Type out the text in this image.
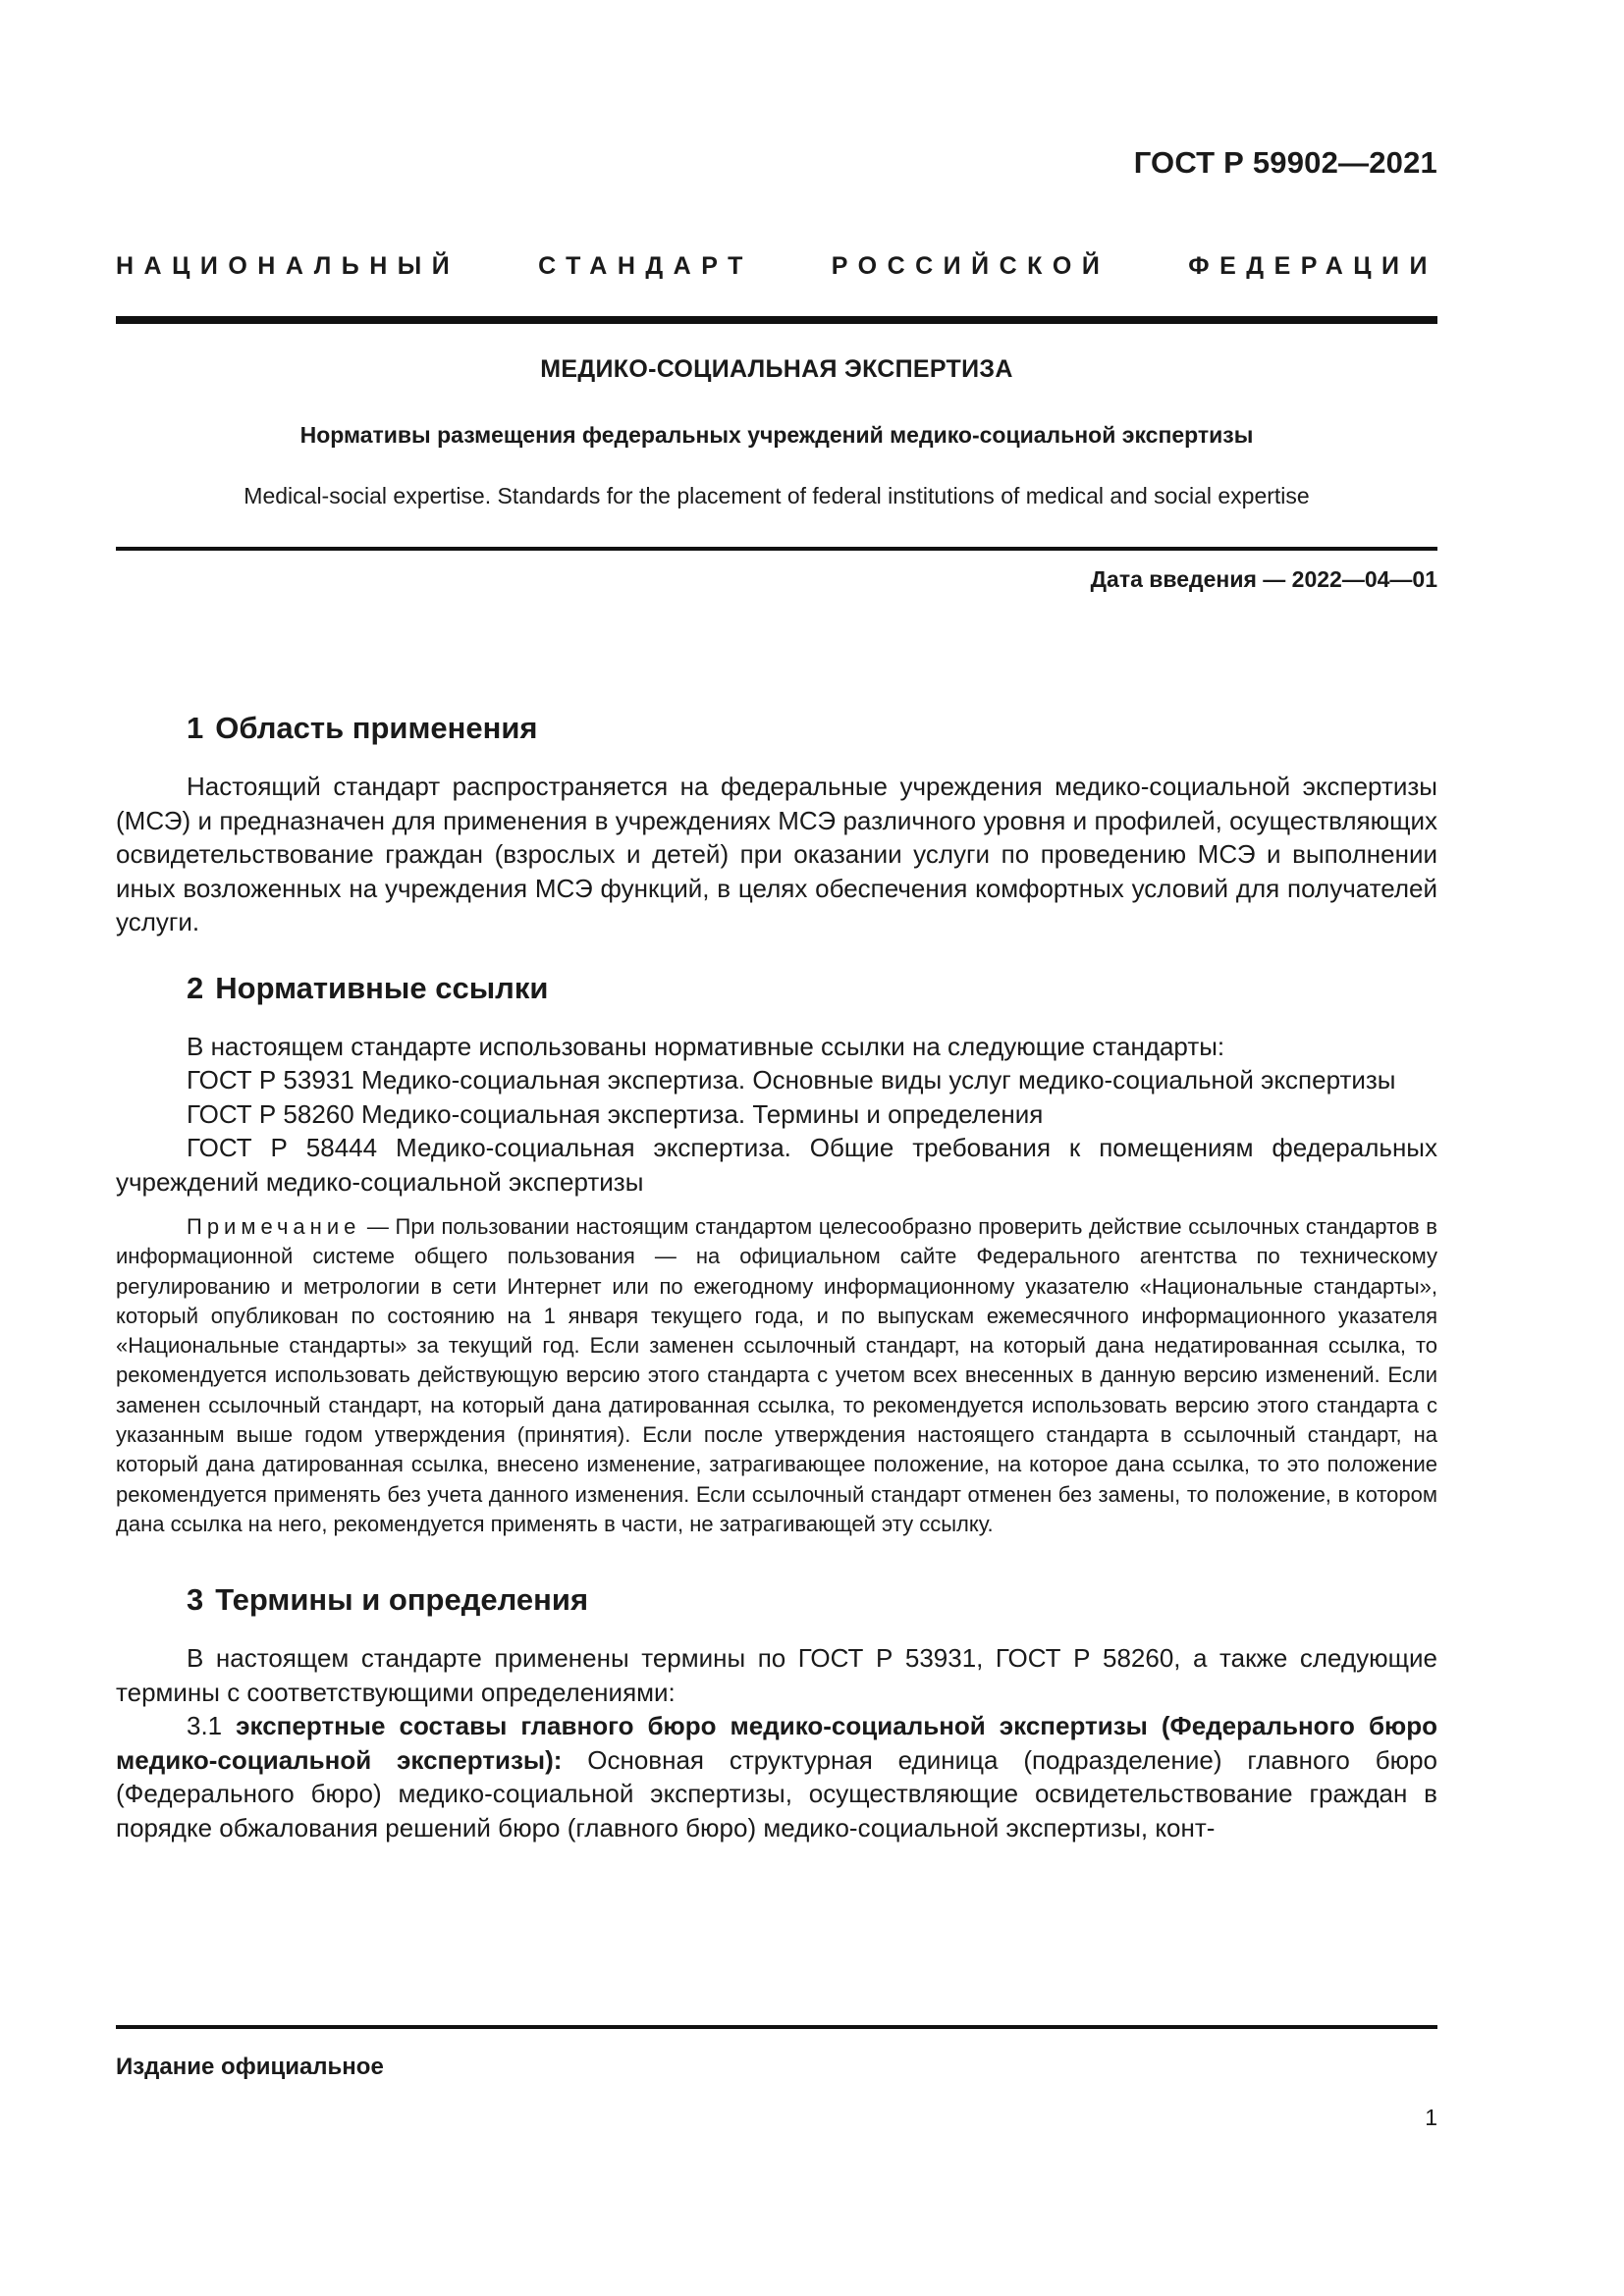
ГОСТ Р 59902—2021
НАЦИОНАЛЬНЫЙ СТАНДАРТ РОССИЙСКОЙ ФЕДЕРАЦИИ
МЕДИКО-СОЦИАЛЬНАЯ ЭКСПЕРТИЗА
Нормативы размещения федеральных учреждений медико-социальной экспертизы
Medical-social expertise. Standards for the placement of federal institutions of medical and social expertise
Дата введения — 2022—04—01
1 Область применения

Настоящий стандарт распространяется на федеральные учреждения медико-социальной экспертизы (МСЭ) и предназначен для применения в учреждениях МСЭ различного уровня и профилей, осуществляющих освидетельствование граждан (взрослых и детей) при оказании услуги по проведению МСЭ и выполнении иных возложенных на учреждения МСЭ функций, в целях обеспечения комфортных условий для получателей услуги.

2 Нормативные ссылки

В настоящем стандарте использованы нормативные ссылки на следующие стандарты:

ГОСТ Р 53931 Медико-социальная экспертиза. Основные виды услуг медико-социальной экспертизы

ГОСТ Р 58260 Медико-социальная экспертиза. Термины и определения

ГОСТ Р 58444 Медико-социальная экспертиза. Общие требования к помещениям федеральных учреждений медико-социальной экспертизы

Примечание — При пользовании настоящим стандартом целесообразно проверить действие ссылочных стандартов в информационной системе общего пользования — на официальном сайте Федерального агентства по техническому регулированию и метрологии в сети Интернет или по ежегодному информационному указателю «Национальные стандарты», который опубликован по состоянию на 1 января текущего года, и по выпускам ежемесячного информационного указателя «Национальные стандарты» за текущий год. Если заменен ссылочный стандарт, на который дана недатированная ссылка, то рекомендуется использовать действующую версию этого стандарта с учетом всех внесенных в данную версию изменений. Если заменен ссылочный стандарт, на который дана датированная ссылка, то рекомендуется использовать версию этого стандарта с указанным выше годом утверждения (принятия). Если после утверждения настоящего стандарта в ссылочный стандарт, на который дана датированная ссылка, внесено изменение, затрагивающее положение, на которое дана ссылка, то это положение рекомендуется применять без учета данного изменения. Если ссылочный стандарт отменен без замены, то положение, в котором дана ссылка на него, рекомендуется применять в части, не затрагивающей эту ссылку.

3 Термины и определения

В настоящем стандарте применены термины по ГОСТ Р 53931, ГОСТ Р 58260, а также следующие термины с соответствующими определениями:

3.1 экспертные составы главного бюро медико-социальной экспертизы (Федерального бюро медико-социальной экспертизы): Основная структурная единица (подразделение) главного бюро (Федерального бюро) медико-социальной экспертизы, осуществляющие освидетельствование граждан в порядке обжалования решений бюро (главного бюро) медико-социальной экспертизы, конт-

Издание официальное
1
